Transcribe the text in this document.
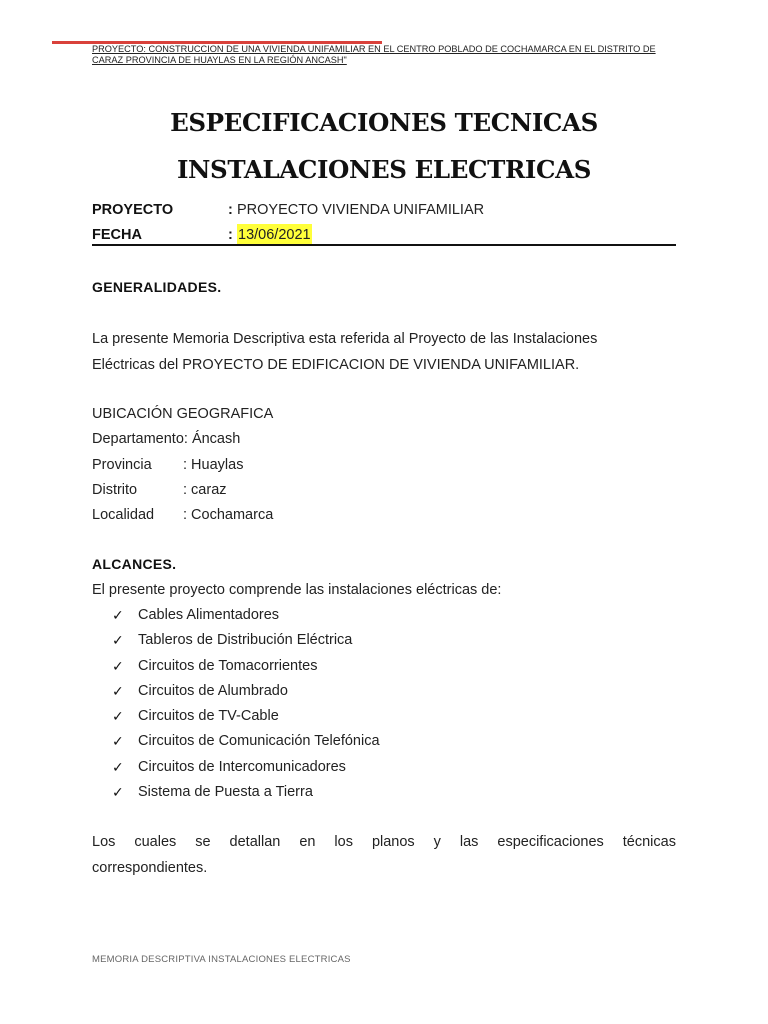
PROYECTO: CONSTRUCCION DE UNA VIVIENDA UNIFAMILIAR EN EL CENTRO POBLADO DE COCHAMARCA EN EL DISTRITO DE CARAZ PROVINCIA DE HUAYLAS EN LA REGIÓN ANCASH"
ESPECIFICACIONES TECNICAS
INSTALACIONES ELECTRICAS
PROYECTO	: PROYECTO VIVIENDA UNIFAMILIAR
FECHA	: 13/06/2021
GENERALIDADES.
La presente Memoria Descriptiva esta referida al Proyecto de las Instalaciones
Eléctricas del PROYECTO DE EDIFICACION DE VIVIENDA UNIFAMILIAR.
UBICACIÓN GEOGRAFICA
Departamento: Áncash
Provincia : Huaylas
Distrito	: caraz
Localidad : Cochamarca
ALCANCES.
El presente proyecto comprende las instalaciones eléctricas de:
✓ Cables Alimentadores
✓ Tableros de Distribución Eléctrica
✓ Circuitos de Tomacorrientes
✓ Circuitos de Alumbrado
✓ Circuitos de TV-Cable
✓ Circuitos de Comunicación Telefónica
✓ Circuitos de Intercomunicadores
✓ Sistema de Puesta a Tierra
Los cuales se detallan en los planos y las especificaciones técnicas
correspondientes.
MEMORIA DESCRIPTIVA INSTALACIONES ELECTRICAS
